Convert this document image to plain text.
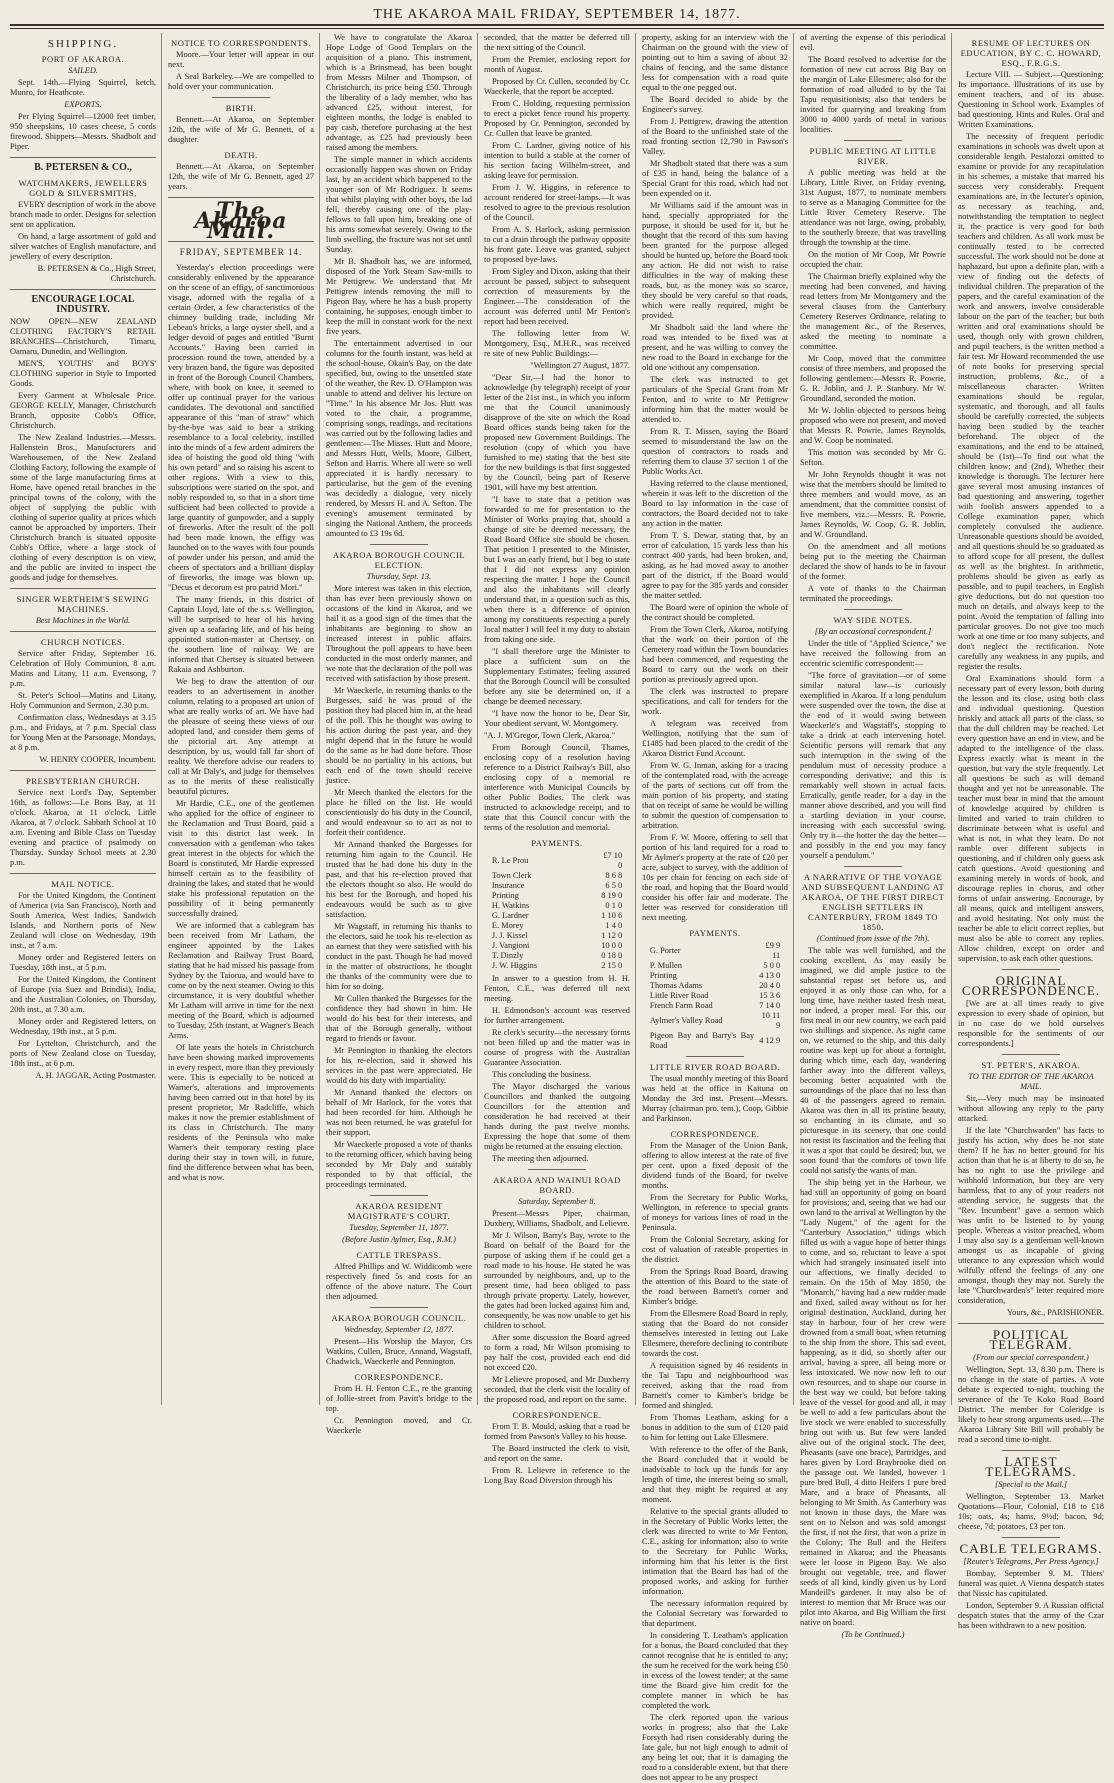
THE AKAROA MAIL FRIDAY, SEPTEMBER 14, 1877.
SHIPPING.
PORT OF AKAROA.
SAILED.

Sept. 14th.—Flying Squirrel, ketch, Munro, for Heathcote.

EXPORTS.

Per Flying Squirrel—12000 feet timber, 950 sheepskins, 10 cases cheese, 5 cords firewood. Shippers—Messrs. Shadbolt and Piper.

B. PETERSEN & CO.,
WATCHMAKERS, JEWELLERS GOLD & SILVERSMITHS,

EVERY description of work in the above branch made to order. Designs for selection sent on application.

On hand, a large assortment of gold and silver watches of English manufacture, and jewellery of every description.

B. PETERSEN & Co., High Street, Christchurch.
ENCOURAGE LOCAL INDUSTRY.

NOW OPEN—NEW ZEALAND CLOTHING FACTORY'S RETAIL BRANCHES—Christchurch, Timaru, Oamaru, Dunedin, and Wellington.

MEN'S, YOUTHS' and BOYS' CLOTHING superior in Style to Imported Goods.

Every Garment at Wholesale Price. GEORGE KELLY, Manager, Christchurch Branch, opposite Cobb's Office, Christchurch.

The New Zealand Industries.—Messrs. Hallenstein Bros., Manufacturers and Warehousemen, of the New Zealand Clothing Factory, following the example of some of the large manufacturing firms at Home, have opened retail branches in the principal towns of the colony, with the object of supplying the public with clothing of superior quality at prices which cannot be approached by importers. Their Christchurch branch is situated opposite Cobb's Office, where a large stock of clothing of every description is on view, and the public are invited to inspect the goods and judge for themselves.

SINGER WERTHEIM'S SEWING MACHINES.
Best Machines in the World.
CHURCH NOTICES.

Service after Friday, September 16. Celebration of Holy Communion, 8 a.m. Matins and Litany, 11 a.m. Evensong, 7 p.m.

St. Peter's School—Matins and Litany, Holy Communion and Sermon, 2.30 p.m.

Confirmation class, Wednesdays at 3.15 p.m., and Fridays, at 7 p.m. Special class for Young Men at the Parsonage, Mondays, at 8 p.m.

W. HENRY COOPER, Incumbent.
PRESBYTERIAN CHURCH.

Service next Lord's Day, September 16th, as follows:—Le Bons Bay, at 11 o'clock. Akaroa, at 11 o'clock. Little Akaroa, at 7 o'clock. Sabbath School at 10 a.m. Evening and Bible Class on Tuesday evening and practice of psalmody on Thursday. Sunday School meets at 2.30 p.m.

MAIL NOTICE.

For the United Kingdom, the Continent of America (via San Francisco), North and South America, West Indies, Sandwich Islands, and Northern ports of New Zealand will close on Wednesday, 19th inst., at 7 a.m.

Money order and Registered letters on Tuesday, 18th inst., at 5 p.m.

For the United Kingdom, the Continent of Europe (via Suez and Brindisi), India, and the Australian Colonies, on Thursday, 20th inst., at 7.30 a.m.

Money order and Registered letters, on Wednesday, 19th inst., at 5 p.m.

For Lyttelton, Christchurch, and the ports of New Zealand close on Tuesday, 18th inst., at 6 p.m.

A. H. JAGGAR, Acting Postmaster.
NOTICE TO CORRESPONDENTS.

Moore.—Your letter will appear in our next.

A Seal Barkeley.—We are compelled to hold over your communication.

BIRTH.

Bennett.—At Akaroa, on September 12th, the wife of Mr G. Bennett, of a daughter.

DEATH.

Bennett.—At Akaroa, on September 12th, the wife of Mr G. Bennett, aged 27 years.

The Akaroa Mail.
FRIDAY, SEPTEMBER 14.

Yesterday's election proceedings were considerably enlivened by the appearance on the scene of an effigy, of sanctimonious visage, adorned with the regalia of a certain Order, a few characteristics of the chimney building trade, including Mr Lebeau's bricks, a large oyster shell, and a ledger devoid of pages and entitled "Burnt Accounts." Having been carried in procession round the town, attended by a very brazen band, the figure was deposited in front of the Borough Council Chambers, where, with book on knee, it seemed to offer up continual prayer for the various candidates. The devotional and sanctified appearance of this "man of straw" which by-the-bye was said to bear a striking resemblance to a local celebrity, instilled into the minds of a few ardent admirers the idea of hoisting the good old thing "with his own petard" and so raising his ascent to other regions. With a view to this, subscriptions were started on the spot, and nobly responded to, so that in a short time sufficient had been collected to provide a large quantity of gunpowder, and a supply of fireworks. After the result of the poll had been made known, the effigy was launched on to the waves with four pounds of powder under his person, and amid the cheers of spectators and a brilliant display of fireworks, the image was blown up. "Decus et decorum est pro patrid Mori."

The many friends, in this district of Captain Lloyd, late of the s.s. Wellington, will be surprised to hear of his having given up a seafaring life, and of his being appointed station-master at Chertsey, on the southern line of railway. We are informed that Chertsey is situated between Rakaia and Ashburton.

We beg to draw the attention of our readers to an advertisement in another column, relating to a proposed art union of what are really works of art. We have had the pleasure of seeing these views of our adopted land, and consider them gems of the pictorial art. Any attempt at description, by us, would fall far short of reality. We therefore advise our readers to call at Mr Daly's, and judge for themselves as to the merits of these realistically beautiful pictures.

Mr Hardie, C.E., one of the gentlemen who applied for the office of engineer to the Reclamation and Trust Board, paid a visit to this district last week. In conversation with a gentleman who takes great interest in the objects for which the Board is constituted, Mr Hardie expressed himself certain as to the feasibility of draining the lakes, and stated that he would stake his professional reputation on the possibility of it being permanently successfully drained.

We are informed that a cablegram has been received from Mr Latham, the engineer appointed by the Lakes Reclamation and Railway Trust Board, stating that he had missed his passage from Sydney by the Taiorua, and would have to come on by the next steamer. Owing to this circumstance, it is very doubtful whether Mr Latham will arrive in time for the next meeting of the Board, which is adjourned to Tuesday, 25th instant, at Wagner's Beach Arms.

Of late years the hotels in Christchurch have been showing marked improvements in every respect, more than they previously were. This is especially to be noticed at Warner's, alterations and improvements having been carried out in that hotel by its present proprietor, Mr Radcliffe, which makes it now the premier establishment of its class in Christchurch. The many residents of the Peninsula who make Warner's their temporary resting place during their stay in town will, in future, find the difference between what has been, and what is now.

We have to congratulate the Akaroa Hope Lodge of Good Templars on the acquisition of a piano. This instrument, which is a Brinsmead, has been bought from Messrs Milner and Thompson, of Christchurch, its price being £50. Through the liberality of a lady member, who has advanced £25, without interest, for eighteen months, the lodge is enabled to pay cash, therefore purchasing at the best advantage, as £25 had previously been raised among the members.

The simple manner in which accidents occasionally happen was shown on Friday last, by an accident which happened to the younger son of Mr Rodriguez. It seems that whilst playing with other boys, the lad fell, thereby causing one of the play-fellows to fall upon him, breaking one of his arms somewhat severely. Owing to the limb swelling, the fracture was not set until Sunday.

Mr B. Shadbolt has, we are informed, disposed of the York Steam Saw-mills to Mr Pettigrew. We understand that Mr Pettigrew intends removing the mill to Pigeon Bay, where he has a bush property containing, he supposes, enough timber to keep the mill in constant work for the next five years.

The entertainment advertised in our columns for the fourth instant, was held at the school-house, Okain's Bay, on the date specified, but, owing to the unsettled state of the weather, the Rev. D. O'Hampton was unable to attend and deliver his lecture on "Time." In his absence Mr Jos. Hutt was voted to the chair, a programme, comprising songs, readings, and recitations was carried out by the following ladies and gentlemen:—The Misses. Hutt and Moore, and Messrs Hutt, Wells, Moore, Gilbert, Sefton and Harris. Where all were so well appreciated it is hardly necessary to particularise, but the gem of the evening was decidedly a dialogue, very nicely rendered, by Messrs H. and A. Sefton. The evening's amusement terminated by singing the National Anthem, the proceeds amounted to £3 19s 6d.

AKAROA BOROUGH COUNCIL ELECTION.
Thursday, Sept. 13.

More interest was taken in this election, than has ever been previously shown on occasions of the kind in Akaroa, and we hail it as a good sign of the times that the inhabitants are beginning to show an increased interest in public affairs. Throughout the poll appears to have been conducted in the most orderly manner, and we note that the declaration of the poll was received with satisfaction by those present.

Mr Waeckerle, in returning thanks to the Burgesses, said he was proud of the position they had placed him in, at the head of the poll. This he thought was owing to his action during the past year, and they might depend that in the future he would do the same as he had done before. Those should be no partiality in his actions, but each end of the town should receive justice.

Mr Meech thanked the electors for the place he filled on the list. He would conscientiously do his duty in the Council, and would endeavour so to act as not to forfeit their confidence.

Mr Annand thanked the Burgesses for returning him again to the Council. He trusted that he had done his duty in the past, and that his re-election proved that the electors thought so also. He would do his best for the Borough, and hoped his endeavours would be such as to give satisfaction.

Mr Wagstaff, in returning his thanks to the electors, said he took his re-election as an earnest that they were satisfied with his conduct in the past. Though he had moved in the matter of obstructions, he thought the thanks of the community were due to him for so doing.

Mr Cullen thanked the Burgesses for the confidence they had shown in him. He would do his best for their interests, and that of the Borough generally, without regard to friends or favour.

Mr Pennington in thanking the electors for his re-election, said it showed his services in the past were appreciated. He would do his duty with impartiality.

Mr Annand thanked the electors on behalf of Mr Harlock, for the votes that had been recorded for him. Although he was not been returned, he was grateful for their support.

Mr Waeckerle proposed a vote of thanks to the returning officer, which having being seconded by Mr Daly and suitably responded to by that official, the proceedings terminated.

AKAROA RESIDENT MAGISTRATE'S COURT.
Tuesday, September 11, 1877.
(Before Justin Aylmer, Esq., R.M.)
CATTLE TRESPASS.

Alfred Phillips and W. Widdicomb were respectively fined 5s and costs for an offence of the above nature. The Court then adjourned.

AKAROA BOROUGH COUNCIL.
Wednesday, September 12, 1877.

Present—His Worship the Mayor, Crs Watkins, Cullen, Bruce, Annand, Wagstaff, Chadwick, Waeckerle and Pennington.

CORRESPONDENCE.

From H. H. Fenton C.E., re the granting of Jollie-street from Pavitt's bridge to the top.

Cr. Pennington moved, and Cr. Waeckerle

seconded, that the matter be deferred till the next sitting of the Council.

From the Premier, enclosing report for month of August.

Proposed by Cr. Cullen, seconded by Cr. Waeckerle, that the report be accepted.

From C. Holding, requesting permission to erect a picket fence round his property. Proposed by Cr. Pennington, seconded by Cr. Cullen that leave be granted.

From C. Lardner, giving notice of his intention to build a stable at the corner of his section facing Wilhelm-street, and asking leave for permission.

From J. W. Higgins, in reference to account rendered for street-lamps.—It was resolved to agree to the previous resolution of the Council.

From A. S. Harlock, asking permission to cut a drain through the pathway opposite his front gate. Leave was granted, subject to proposed bye-laws.

From Sigley and Dixon, asking that their account be passed, subject to subsequent correction of measurements by the Engineer.—The consideration of the account was deferred until Mr Fenton's report had been received.

The following letter from W. Montgomery, Esq., M.H.R., was received re site of new Public Buildings:—

"Wellington 27 August, 1877.

"Dear Sir,—I had the honor to acknowledge (by telegraph) receipt of your letter of the 21st inst., in which you inform me that the Council unanimously disapprove of the site on which the Road Board offices stands being taken for the proposed new Government Buildings. The resolution (copy of which you have furnished to me) stating that the best site for the new buildings is that first suggested by the Council, being part of Reserve 1901, will have my best attention.

"I have to state that a petition was forwarded to me for presentation to the Minister of Works praying that, should a change of site be deemed necessary, the Road Board Office site should be chosen. That petition I presented to the Minister, but I was an early friend, but I beg to state that I did not express any opinion respecting the matter. I hope the Council and also the inhabitants will clearly understand that, in a question such as this, when there is a difference of opinion among my constituents respecting a purely local matter I will feel it my duty to abstain from taking one side.

"I shall therefore urge the Minister to place a sufficient sum on the Supplementary Estimates; feeling assured that the Borough Council will be consulted before any site be determined on, if a change be deemed necessary.

"I have now the honor to be, Dear Sir, Your obedient servant, W. Montgomery.

"A. J. M'Gregor, Town Clerk, Akaroa."

From Borough Council, Thames, enclosing copy of a resolution having reference to a District Railway's Bill, also enclosing copy of a memorial re interference with Municipal Councils by other Public Bodies. The clerk was instructed to acknowledge receipt, and to state that this Council concur with the terms of the resolution and memorial.

PAYMENTS.
R. Le Prou	£7 10 0
Town Clerk	8 6 8
Insurance	6 5 0
Printing	8 19 0
H. Watkins	0 1 0
G. Lardner	1 10 6
E. Morey	1 4 0
J. J. Kissel	1 12 0
J. Vangioni	10 0 0
T. Dinzly	0 18 0
J. W. Higgins	2 15 0

In answer to a question from H. H. Fenton, C.E., was deferred till next meeting.

H. Edmondson's account was reserved for further arrangement.

Re clerk's security—the necessary forms not been filled up and the matter was in course of progress with the Australian Guarantee Association.

This concluding the business.

The Mayor discharged the various Councillors and thanked the outgoing Councillors for the attention and consideration he had received at their hands during the past twelve months. Expressing the hope that some of them might be returned at the ensuing election.

The meeting then adjourned.

AKAROA AND WAINUI ROAD BOARD.
Saturday, September 8.

Present—Messrs Piper, chairman, Duxbery, Williams, Shadbolt, and Lelievre.

Mr J. Wilson, Barry's Bay, wrote to the Board on behalf of the Board for the purpose of asking them if he could get a road made to his house. He stated he was surrounded by neighbours, and, up to the present time, had been obliged to pass through private property. Lately, however, the gates had been locked against him and, consequently, he was now unable to get his children to school.

After some discussion the Board agreed to form a road, Mr Wilson promising to pay half the cost, provided each end did not exceed £20.

Mr Lelievre proposed, and Mr Duxberry seconded, that the clerk visit the locality of the proposed road, and report on the same.

CORRESPONDENCE.

From T. B. Mould, asking that a road be formed from Pawson's Valley to his house.

The Board instructed the clerk to visit, and report on the same.

From R. Lelievre in reference to the Long Bay Road Diversion through his

property, asking for an interview with the Chairman on the ground with the view of pointing out to him a saving of about 32 chains of fencing, and the same distance less for compensation with a road quite equal to the one pegged out.

The Board decided to abide by the Engineer's survey.

From J. Pettigrew, drawing the attention of the Board to the unfinished state of the road fronting section 12,790 in Pawson's Valley.

Mr Shadbolt stated that there was a sum of £35 in hand, being the balance of a Special Grant for this road, which had not been expended on it.

Mr Williams said if the amount was in hand, specially appropriated for the purpose, it should be used for it, but he thought that the record of this sum having been granted for the purpose alleged should be hunted up, before the Board took any action. He did not wish to raise difficulties in the way of making these roads, but, as the money was so scarce, they should be very careful so that roads, which were really required, might be provided.

Mr Shadbolt said the land where the road was intended to be fixed was at present, and he was willing to convey the new road to the Board in exchange for the old one without any compensation.

The clerk was instructed to get particulars of the Special Grant from Mr Fenton, and to write to Mr Pettigrew informing him that the matter would be attended to.

From R. T. Missen, saying the Board seemed to misunderstand the law on the question of contractors to roads and referring them to clause 37 section 1 of the Public Works Act.

Having referred to the clause mentioned, wherein it was left to the discretion of the Board to lay information in the case of contractors, the Board decided not to take any action in the matter.

From T. S. Dewar, stating that, by an error of calculation, 15 yards less than his contract 400 yards, had been broken, and, asking, as he had moved away to another part of the district, if the Board would agree to pay for the 385 yards and consider the matter settled.

The Board were of opinion the whole of the contract should be completed.

From the Town Clerk, Akaroa, notifying that the work on their portion of the Cemetery road within the Town boundaries had been commenced, and requesting the Board to carry out the work on their portion as previously agreed upon.

The clerk was instructed to prepare specifications, and call for tenders for the work.

A telegram was received from Wellington, notifying that the sum of £1485 had been placed to the credit of the Akaroa District Fund Account.

From W. G. Inman, asking for a tracing of the contemplated road, with the acreage of the parts of sections cut off from the main portion of his property, and stating that on receipt of same he would be willing to submit the question of compensation to arbitration.

From F. W. Moore, offering to sell that portion of his land required for a road to Mr Aylmer's property at the rate of £20 per acre, subject to survey, with the addition of 10s per chain for fencing on each side of the road, and hoping that the Board would consider his offer fair and moderate. The letter was reserved for consideration till next meeting.

PAYMENTS.
G. Porter	£9 9 11
P. Mullen	5 0 0
Printing	4 13 0
Thomas Adams	20 4 0
Little River Road	15 3 6
French Farm Road	7 14 0
Aylmer's Valley Road	10 11 9
Pigeon Bay and Barry's Bay Road	4 12 9
LITTLE RIVER ROAD BOARD.

The usual monthly meeting of this Board was held at the office in Kaituna on Monday the 3rd inst. Present—Messrs. Murray (chairman pro. tem.), Coop, Gibbie and Parkinson.

CORRESPONDENCE.

From the Manager of the Union Bank, offering to allow interest at the rate of five per cent. upon a fixed deposit of the dividend funds of the Board, for twelve months.

From the Secretary for Public Works, Wellington, in reference to special grants of moneys for various lines of road in the Peninsula.

From the Colonial Secretary, asking for cost of valuation of rateable properties in the district.

From the Springs Road Board, drawing the attention of this Board to the state of the road between Barnett's corner and Kimber's bridge.

From the Ellesmere Road Board in reply, stating that the Board do not consider themselves interested in letting out Lake Ellesmere, therefore declining to contribute towards the cost.

A requisition signed by 46 residents in the Tai Tapu and neighbourhood was received, asking that the road from Barnett's corner to Kimber's bridge be formed and shingled.

From Thomas Leatham, asking for a bonus in addition to the sum of £120 paid to him for letting out Lake Ellesmere.

With reference to the offer of the Bank, the Board concluded that it would be inadvisable to lock up the funds for any length of time, the interest being so small, and that they might be required at any moment.

Relative to the special grants alluded to in the Secretary of Public Works letter, the clerk was directed to write to Mr Fenton, C.E., asking for information; also to write to the Secretary for Public Works, informing him that his letter is the first intimation that the Board has had of the proposed works, and asking for further information.

The necessary information required by the Colonial Secretary was forwarded to that department.

In considering T. Leatham's application for a bonus, the Board concluded that they cannot recognise that he is entitled to any; the sum he received for the work being £50 in excess of the lowest tender; at the same time the Board give him credit for the complete manner in which he has completed the work.

The clerk reported upon the various works in progress; also that the Lake Forsyth had risen considerably during the late gale, but not high enough to admit of any being let out; that it is damaging the road to a considerable extent, but that there does not appear to be any prospect

of averting the expense of this periodical evil.

The Board resolved to advertise for the formation of new cut across Big Bay on the margin of Lake Ellesmere; also for the formation of road alluded to by the Tai Tapu requisitionists; also that tenders be invited for quarrying and breaking from 3000 to 4000 yards of metal in various localities.

PUBLIC MEETING AT LITTLE RIVER.

A public meeting was held at the Library, Little River, on Friday evening, 31st August, 1877, to nominate members to serve as a Managing Committee for the Little River Cemetery Reserve. The attendance was not large, owing, probably, to the southerly breeze, that was travelling through the township at the time.

On the motion of Mr Coop, Mr Powrie occupied the chair.

The Chairman briefly explained why the meeting had been convened, and having read letters from Mr Montgomery and the several clauses from the Canterbury Cemetery Reserves Ordinance, relating to the management &c., of the Reserves, asked the meeting to nominate a committee.

Mr Coop, moved that the committee consist of three members, and proposed the following gentlemen:—Messrs R. Powrie, G. R. Joblin, and J. P. Stanbury. Mr W. Groundland, seconded the motion.

Mr W. Joblin objected to persons being proposed who were not present, and moved that Messrs R. Powrie, James Reynolds, and W. Coop be nominated.

This motion was seconded by Mr G. Sefton.

Mr John Reynolds thought it was not wise that the members should be limited to three members and would move, as an amendment, that the committee consist of five members, viz.:—Messrs. R. Powrie, James Reynolds, W. Coop, G. R. Joblin, and W. Groundland.

On the amendment and all motions being put to the meeting the Chairman declared the show of hands to be in favour of the former.

A vote of thanks to the Chairman terminated the proceedings.

WAY SIDE NOTES.
[By an occasional correspondent.]

Under the title of "Applied Science," we have received the following from an eccentric scientific correspondent:—

"The force of gravitation—or of some similar natural law—is curiously exemplified in Akaroa. If a long pendulum were suspended over the town, the dise at the end of it would swing between Waeckerle's and Wagstaff's, stopping to take a drink at each intervening hotel. Scientific persons will remark that any such interruption in the swing of the pendulum must of necessity produce a corresponding derivative; and this is remarkably well shown in actual facts. Erratically, gentle reader, for a day in the manner above described, and you will find a startling deviation in your course, increasing with each successful swing. Only try it—the hotter the day the better—and possibly in the end you may fancy yourself a pendulum."

A NARRATIVE OF THE VOYAGE AND SUBSEQUENT LANDING AT AKAROA, OF THE FIRST DIRECT ENGLISH SETTLERS IN CANTERBURY, FROM 1849 TO 1850.
(Continued from issue of the 7th).

The table was well furnished, and the cooking excellent. As may easily be imagined, we did ample justice to the substantial repast set before us, and enjoyed it as only those can who, for a long time, have neither tasted fresh meat, nor indeed, a proper meal. For this, our first meal in our new country, we each paid two shillings and sixpence. As night came on, we returned to the ship, and this daily routine was kept up for about a fortnight, during which time, each day, wandering farther away into the different valleys, becoming better acquainted with the surroundings of the place that no less than 40 of the passengers agreed to remain. Akaroa was then in all its pristine beauty, so enchanting in its climate, and so picturesque in its scenery, that one could not resist its fascination and the feeling that it was a spot that could be desired; but, we soon found that the comforts of town life could not satisfy the wants of man.

The ship being yet in the Harbour, we had still an opportunity of going on board for provisions; and, seeing that we had our own land to the arrival at Wellington by the "Lady Nugent," of the agent for the "Canterbury Association," tidings which filled us with a vague hope of better things to come, and so, reluctant to leave a spot which had strangely insinuated itself into our affections, we finally decided to remain. On the 15th of May 1850, the "Monarch," having had a new rudder made and fixed, sailed away without us for her original destination, Auckland, during her stay in harbour, four of her crew were drowned from a small boat, when returning to the ship from the shore. This sad event, happening, as it did, so shortly after our arrival, having a spree, all being more or less intoxicated. We now now left to our own resources, and to shape our course in the best way we could, but before taking leave of the vessel for good and all, it may be well to add a few particulars about the live stock we were enabled to successfully bring out with us. But few were landed alive out of the original stock. The deer, Pheasants (save one brace), Partridges, and hares given by Lord Braybrooke died on the passage out. We landed, however 1 pure bred Bull, 4 ditto Heifers 1 pure bred Mare, and a brace of Pheasants, all belonging to Mr Smith. As Canterbury was not known in those days, the Mare was sent on to Nelson and was sold amongst the first, if not the first, that won a prize in the Colony; The Bull and the Heifers remained in Akaroa; and the Pheasants were let loose in Pigeon Bay. We also brought out vegetable, tree, and flower seeds of all kind, kindly given us by Lord Mandeill's gardener. It may also be of interest to mention that Mr Bruce was our pilot into Akaroa, and Big William the first native on board.

(To be Continued.)
RESUME OF LECTURES ON EDUCATION, BY C. C. HOWARD, ESQ., F.R.G.S.

Lecture VIII. — Subject.—Questioning: Its importance. Illustrations of its use by eminent teachers, and of its abuse. Questioning in School work. Examples of bad questioning. Hints and Rules. Oral and Written Examinations.

The necessity of frequent periodic examinations in schools was dwelt upon at considerable length. Pestalozzi omitted to examine or provide for any recapitulation in his schemes, a mistake that marred his success very considerably. Frequent examinations are, in the lecturer's opinion, as necessary as teaching, and, notwithstanding the temptation to neglect it, the practice is very good for both teachers and children. As all work must be continually tested to be corrected successful. The work should not be done at haphazard, but upon a definite plan, with a view of finding out the defects of individual children. The preparation of the papers, and the careful examination of the work and answers, involve considerable labour on the part of the teacher; but both written and oral examinations should be used, though only with grown children, and pupil teachers, is the written method a fair test. Mr Howard recommended the use of note books for preserving special instruction, problems, &c., of a miscellaneous character. Written examinations should be regular, systematic, and thorough, and all faults should be carefully corrected, the subjects having been studied by the teacher beforehand. The object of the examinations, and the end to be attained, should be (1st)—To find out what the children know; and (2nd), Whether their knowledge is thorough. The lecturer here gave several most amusing instances of bad questioning and answering, together with foolish answers appended to a College examination paper, which completely convulsed the audience. Unreasonable questions should be avoided, and all questions should be so graduated as to afford scope for all present, the dullest as well as the brightest. In arithmetic, problems should be given as early as possible, and to pupil teachers, in English give deductions, but do not question too much on details, and always keep to the point. Avoid the temptation of falling into particular grooves. Do not give too much work at one time or too many subjects, and don't neglect the rectification. Note carefully any weakness in any pupils, and register the results.

Oral Examinations should form a necessary part of every lesson, both during the lesson and its close, using both class and individual questioning. Question briskly and attack all parts of the class, so that the dull children may be reached. Let every question have an end in view, and be adapted to the intelligence of the class. Express exactly what is meant in the question, but vary the style frequently. Let all questions be such as will demand thought and yet not be unreasonable. The teacher must bear in mind that the amount of knowledge acquired by children is limited and varied to train children to discriminate between what is useful and what is not, in what they learn. Do not ramble over different subjects in questioning, and if children only guess ask catch questions. Avoid questioning and examining merely in words of book, and discourage replies in chorus, and other forms of unfair answering. Encourage, by all means, quick and intelligent answers, and avoid hesitating. Not only must the teacher be able to elicit correct replies, but must also be able to correct any replies. Allow children, except on order and supervision, to ask each other questions.

ORIGINAL CORRESPONDENCE.

[We are at all times ready to give expression to every shade of opinion, but in no case do we hold ourselves responsible for the sentiments of our correspondents.]

ST. PETER'S, AKAROA.
TO THE EDITOR OF THE AKAROA MAIL.

Sir,—Very much may be insinuated without allowing any reply to the party attacked.

If the late "Churchwarden" has facts to justify his action, why does he not state them? If he has no better ground for his action than that he is at liberty to do so, he has no right to use the privilege and withhold information, but they are very harmless, that to any of your readers not attending service, he suggests that the "Rev. Incumbent" gave a sermon which was unfit to be listened to by young people. Whereas a visitor preached, whom I may also say is a gentleman well-known amongst us as incapable of giving utterance to any expression which would wilfully offend the feelings of any one amongst, though they may not. Surely the late "Churchwarden's" letter required more consideration,

Yours, &c., PARISHIONER.
POLITICAL TELEGRAM.
(From our special correspondent.)

Wellington, Sept. 13, 8.30 p.m. There is no change in the state of parties. A vote debate is expected to-night, touching the severance of the Te Koko Road Board District. The member for Coleridge is likely to hear strong arguments used.—The Akaroa Library Site Bill will probably be read a second time to-night.

LATEST TELEGRAMS.
[Special to the Mail.]

Wellington, September 13. Market Quotations—Flour, Colonial, £18 to £18 10s; oats, 4s; hams, 9½d; bacon, 9d; cheese, 7d; potatoes, £3 per ton.

CABLE TELEGRAMS.
[Reuter's Telegrams, Per Press Agency.]

Bombay, September 9. M. Thiers' funeral was quiet. A Vienna despatch states that Nissic has capitulated.

London, September 9. A Russian official despatch states that the army of the Czar has been withdrawn to a new position.
